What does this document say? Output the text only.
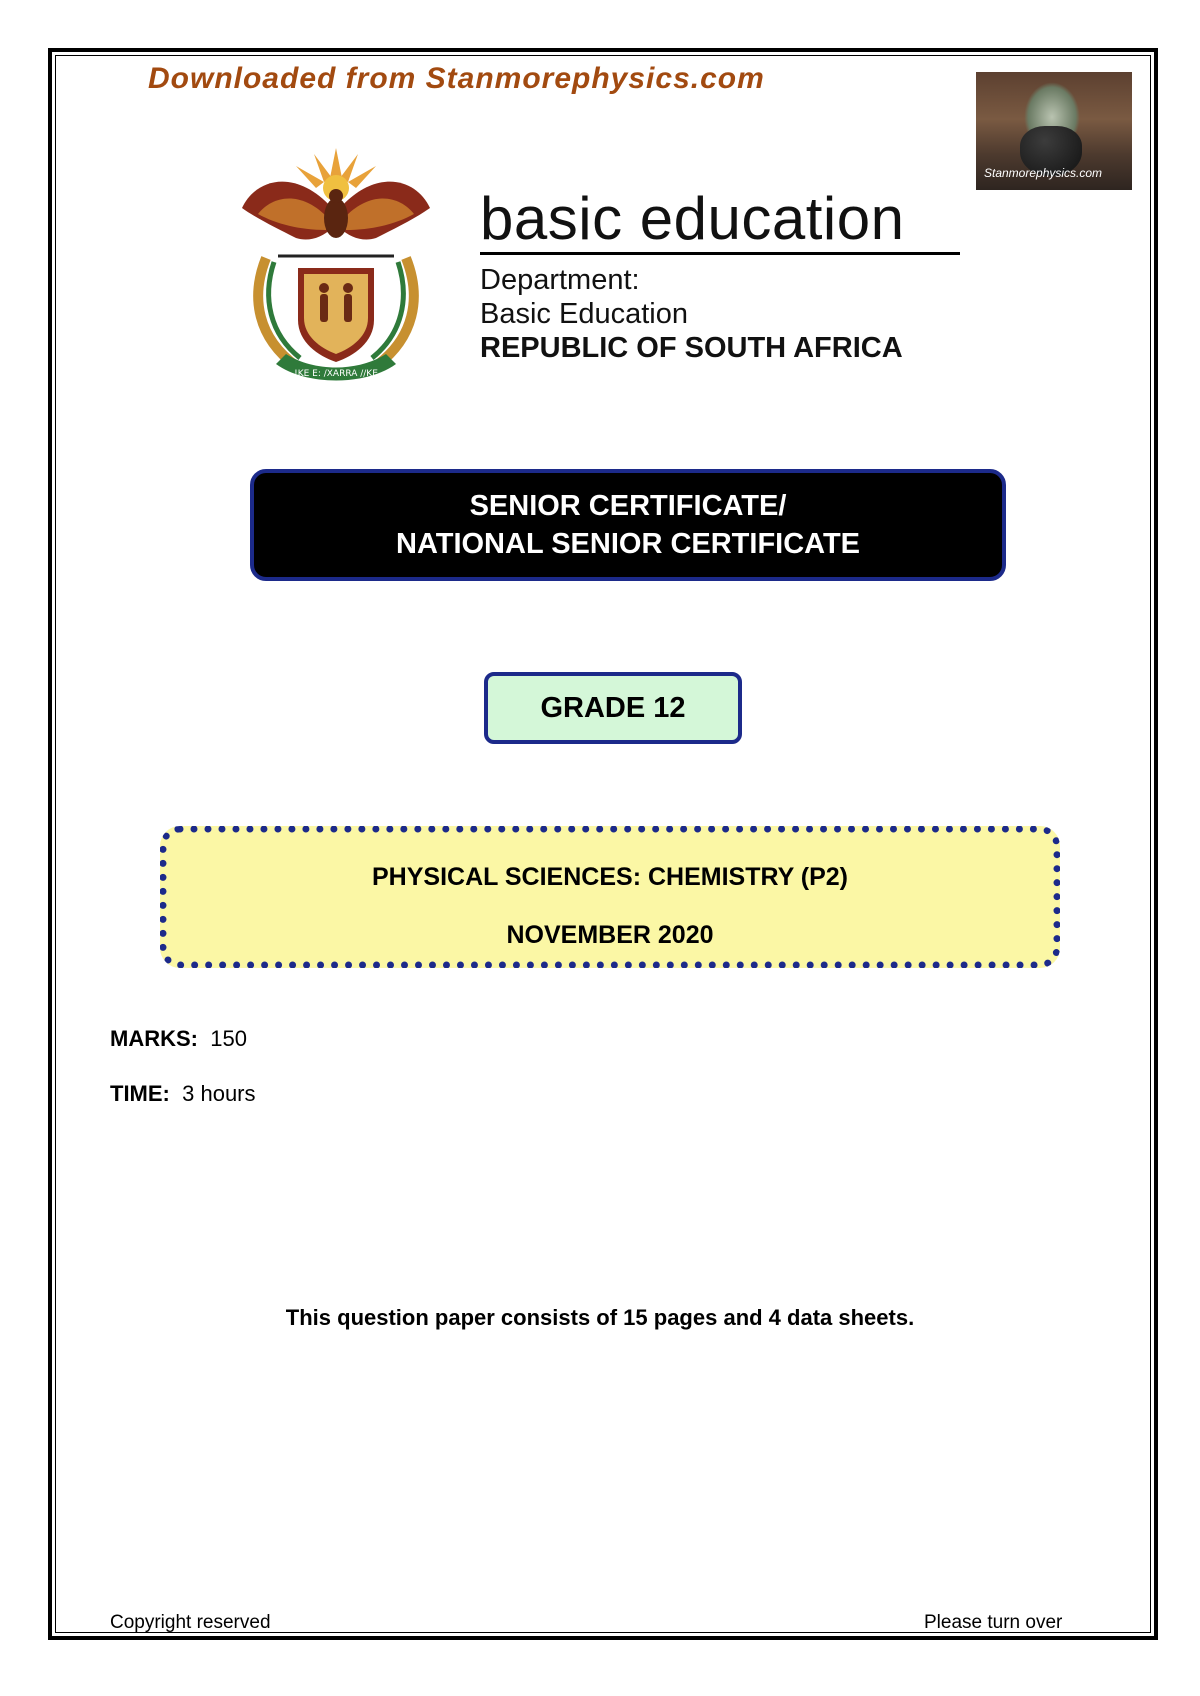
Downloaded from Stanmorephysics.com
Stanmorephysics.com
!KE E: /XARRA //KE
basic education
Department:
Basic Education
REPUBLIC OF SOUTH AFRICA
SENIOR CERTIFICATE/
NATIONAL SENIOR CERTIFICATE
GRADE 12
PHYSICAL SCIENCES: CHEMISTRY (P2)
NOVEMBER 2020
MARKS: 150
TIME: 3 hours
This question paper consists of 15 pages and 4 data sheets.
Copyright reserved	Please turn over
